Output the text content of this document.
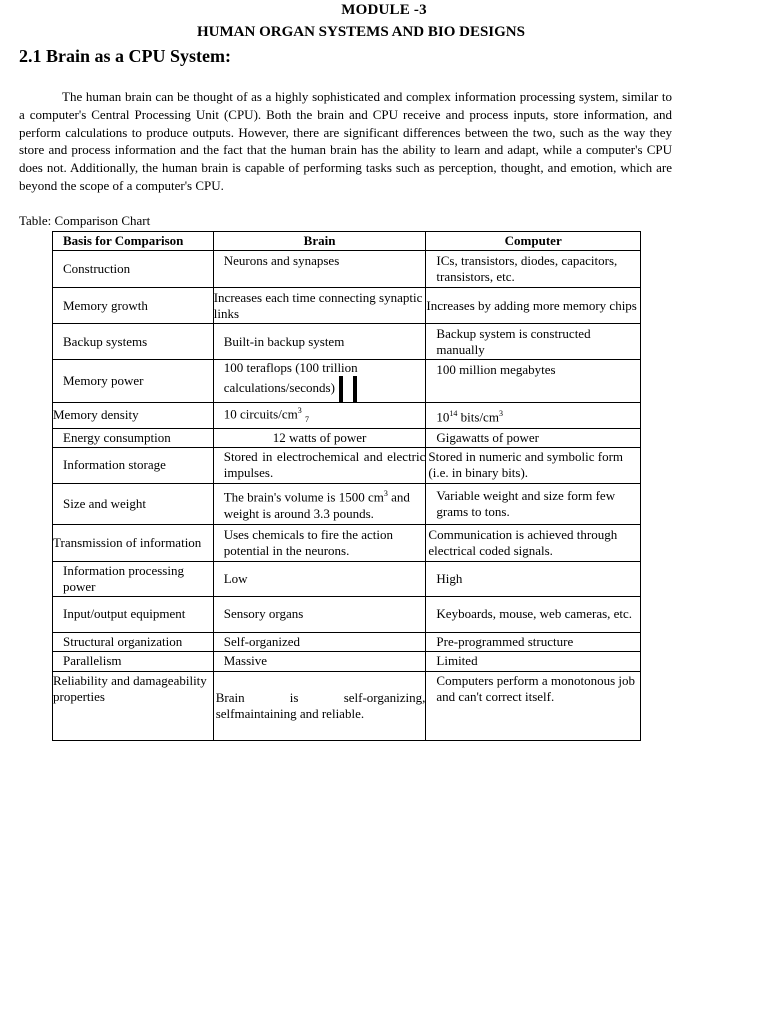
MODULE -3
HUMAN ORGAN SYSTEMS AND BIO DESIGNS
2.1 Brain as a CPU System:

The human brain can be thought of as a highly sophisticated and complex information processing system, similar to a computer's Central Processing Unit (CPU). Both the brain and CPU receive and process inputs, store information, and perform calculations to produce outputs. However, there are significant differences between the two, such as the way they store and process information and the fact that the human brain has the ability to learn and adapt, while a computer's CPU does not. Additionally, the human brain is capable of performing tasks such as perception, thought, and emotion, which are beyond the scope of a computer's CPU.

Table: Comparison Chart
Basis for Comparison	Brain	Computer
Construction	Neurons and synapses	ICs, transistors, diodes, capacitors, transistors, etc.
Memory growth	Increases each time connecting synaptic links	Increases by adding more memory chips
Backup systems	Built-in backup system	Backup system is constructed manually
Memory power	100 teraflops (100 trillion calculations/seconds)	100 million megabytes
Memory density	10 circuits/$cm^3$ $_7$	$10^{14}$ bits/$cm^3$
Energy consumption	12 watts of power	Gigawatts of power
Information storage	Stored in electrochemical and electric impulses.	Stored in numeric and symbolic form (i.e. in binary bits).
Size and weight	The brain's volume is 1500 $cm^3$ and weight is around 3.3 pounds.	Variable weight and size form few grams to tons.
Transmission of information	Uses chemicals to fire the action potential in the neurons.	Communication is achieved through electrical coded signals.
Information processing power	Low	High
Input/output equipment	Sensory organs	Keyboards, mouse, web cameras, etc.
Structural organization	Self-organized	Pre-programmed structure
Parallelism	Massive	Limited
Reliability and damageability properties	Brain is self-organizing, selfmaintaining and reliable.	Computers perform a monotonous job and can't correct itself.
